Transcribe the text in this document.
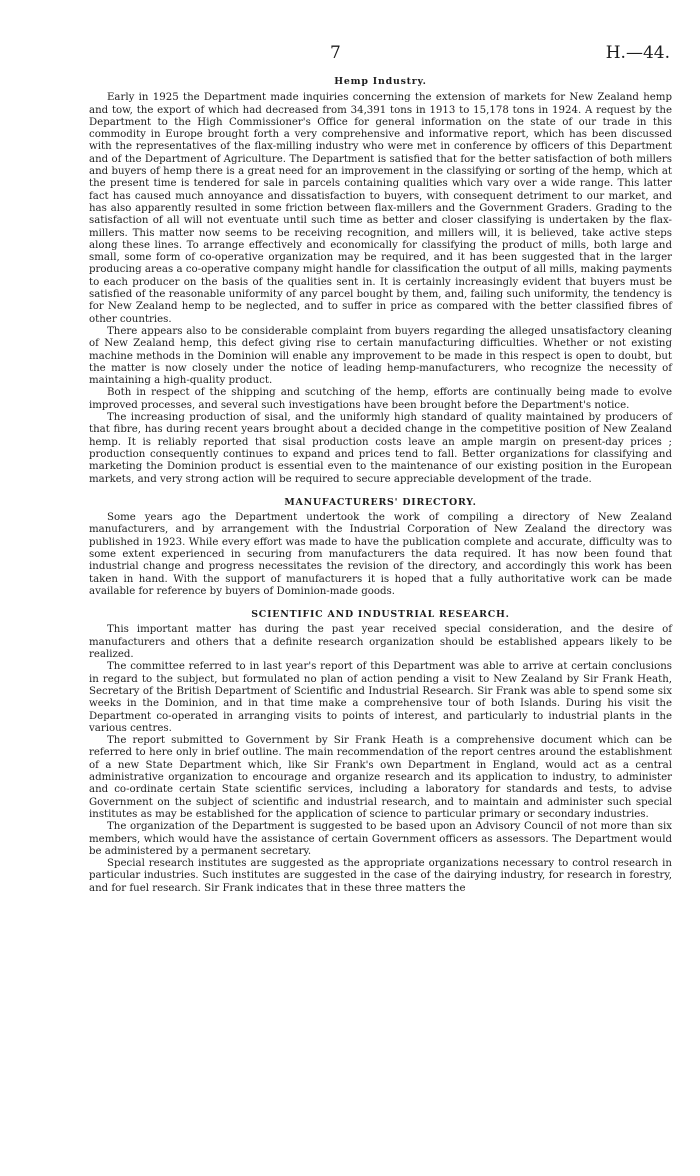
7	H.—44.
Hemp Industry.

Early in 1925 the Department made inquiries concerning the extension of markets for New Zealand hemp and tow, the export of which had decreased from 34,391 tons in 1913 to 15,178 tons in 1924. A request by the Department to the High Commissioner's Office for general information on the state of our trade in this commodity in Europe brought forth a very comprehensive and informative report, which has been discussed with the representatives of the flax-milling industry who were met in conference by officers of this Department and of the Department of Agriculture. The Department is satisfied that for the better satisfaction of both millers and buyers of hemp there is a great need for an improvement in the classifying or sorting of the hemp, which at the present time is tendered for sale in parcels containing qualities which vary over a wide range. This latter fact has caused much annoyance and dissatisfaction to buyers, with consequent detriment to our market, and has also apparently resulted in some friction between flax-millers and the Government Graders. Grading to the satisfaction of all will not eventuate until such time as better and closer classifying is undertaken by the flax-millers. This matter now seems to be receiving recognition, and millers will, it is believed, take active steps along these lines. To arrange effectively and economically for classifying the product of mills, both large and small, some form of co-operative organization may be required, and it has been suggested that in the larger producing areas a co-operative company might handle for classification the output of all mills, making payments to each producer on the basis of the qualities sent in. It is certainly increasingly evident that buyers must be satisfied of the reasonable uniformity of any parcel bought by them, and, failing such uniformity, the tendency is for New Zealand hemp to be neglected, and to suffer in price as compared with the better classified fibres of other countries.

There appears also to be considerable complaint from buyers regarding the alleged unsatisfactory cleaning of New Zealand hemp, this defect giving rise to certain manufacturing difficulties. Whether or not existing machine methods in the Dominion will enable any improvement to be made in this respect is open to doubt, but the matter is now closely under the notice of leading hemp-manufacturers, who recognize the necessity of maintaining a high-quality product.

Both in respect of the shipping and scutching of the hemp, efforts are continually being made to evolve improved processes, and several such investigations have been brought before the Department's notice.

The increasing production of sisal, and the uniformly high standard of quality maintained by producers of that fibre, has during recent years brought about a decided change in the competitive position of New Zealand hemp. It is reliably reported that sisal production costs leave an ample margin on present-day prices ; production consequently continues to expand and prices tend to fall. Better organizations for classifying and marketing the Dominion product is essential even to the maintenance of our existing position in the European markets, and very strong action will be required to secure appreciable development of the trade.

MANUFACTURERS' DIRECTORY.

Some years ago the Department undertook the work of compiling a directory of New Zealand manufacturers, and by arrangement with the Industrial Corporation of New Zealand the directory was published in 1923. While every effort was made to have the publication complete and accurate, difficulty was to some extent experienced in securing from manufacturers the data required. It has now been found that industrial change and progress necessitates the revision of the directory, and accordingly this work has been taken in hand. With the support of manufacturers it is hoped that a fully authoritative work can be made available for reference by buyers of Dominion-made goods.

SCIENTIFIC AND INDUSTRIAL RESEARCH.

This important matter has during the past year received special consideration, and the desire of manufacturers and others that a definite research organization should be established appears likely to be realized.

The committee referred to in last year's report of this Department was able to arrive at certain conclusions in regard to the subject, but formulated no plan of action pending a visit to New Zealand by Sir Frank Heath, Secretary of the British Department of Scientific and Industrial Research. Sir Frank was able to spend some six weeks in the Dominion, and in that time make a comprehensive tour of both Islands. During his visit the Department co-operated in arranging visits to points of interest, and particularly to industrial plants in the various centres.

The report submitted to Government by Sir Frank Heath is a comprehensive document which can be referred to here only in brief outline. The main recommendation of the report centres around the establishment of a new State Department which, like Sir Frank's own Department in England, would act as a central administrative organization to encourage and organize research and its application to industry, to administer and co-ordinate certain State scientific services, including a laboratory for standards and tests, to advise Government on the subject of scientific and industrial research, and to maintain and administer such special institutes as may be established for the application of science to particular primary or secondary industries.

The organization of the Department is suggested to be based upon an Advisory Council of not more than six members, which would have the assistance of certain Government officers as assessors. The Department would be administered by a permanent secretary.

Special research institutes are suggested as the appropriate organizations necessary to control research in particular industries. Such institutes are suggested in the case of the dairying industry, for research in forestry, and for fuel research. Sir Frank indicates that in these three matters the
